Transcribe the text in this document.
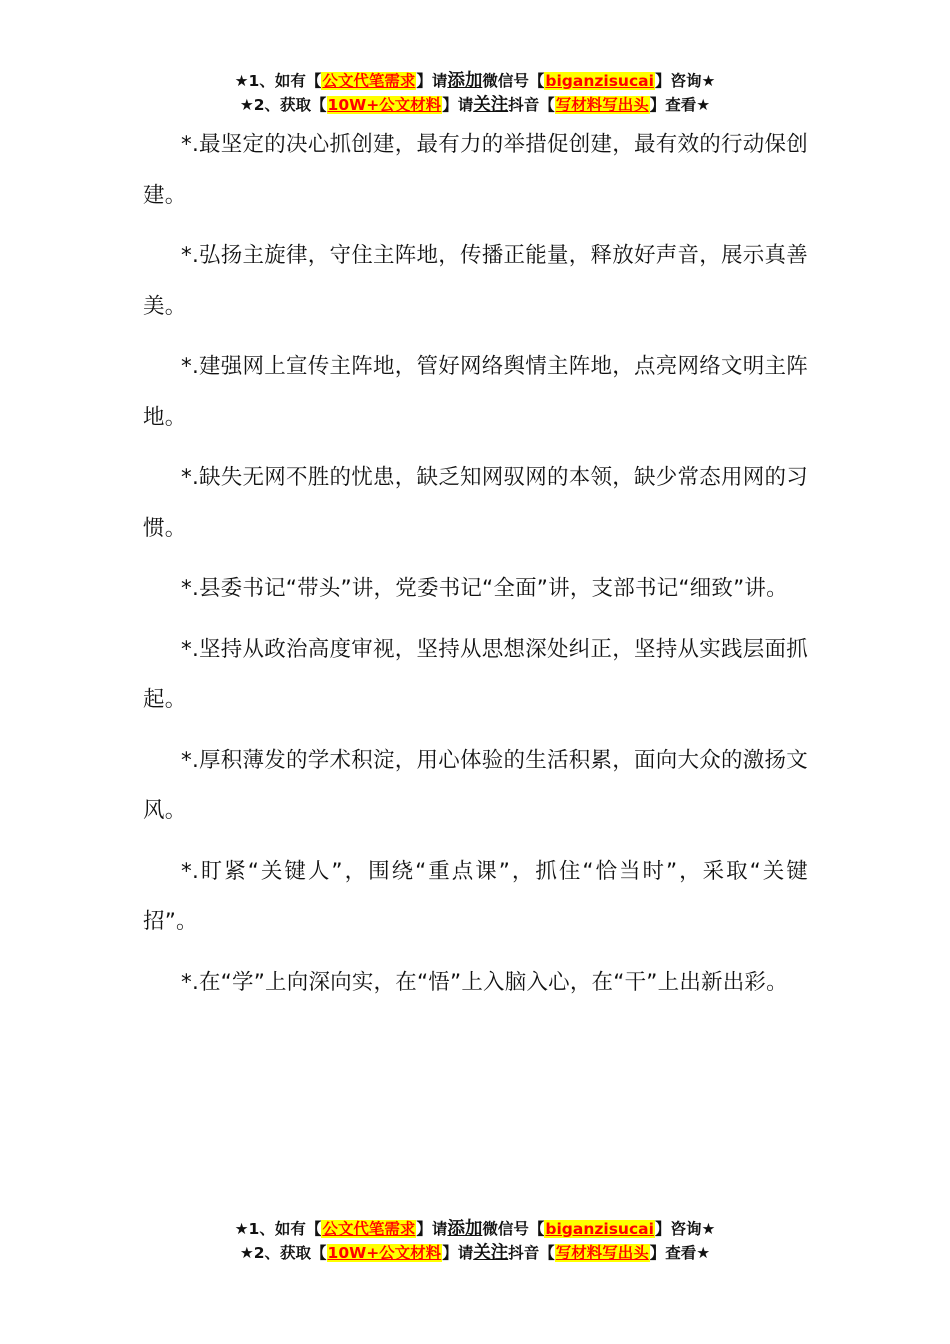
★1、如有【公文代笔需求】请添加微信号【biganzisucai】咨询★
★2、获取【10W+公文材料】请关注抖音【写材料写出头】查看★

*.最坚定的决心抓创建，最有力的举措促创建，最有效的行动保创建。

*.弘扬主旋律，守住主阵地，传播正能量，释放好声音，展示真善美。

*.建强网上宣传主阵地，管好网络舆情主阵地，点亮网络文明主阵地。

*.缺失无网不胜的忧患，缺乏知网驭网的本领，缺少常态用网的习惯。

*.县委书记“带头”讲，党委书记“全面”讲，支部书记“细致”讲。

*.坚持从政治高度审视，坚持从思想深处纠正，坚持从实践层面抓起。

*.厚积薄发的学术积淀，用心体验的生活积累，面向大众的激扬文风。

*.盯紧“关键人”，围绕“重点课”，抓住“恰当时”，采取“关键招”。

*.在“学”上向深向实，在“悟”上入脑入心，在“干”上出新出彩。

★1、如有【公文代笔需求】请添加微信号【biganzisucai】咨询★
★2、获取【10W+公文材料】请关注抖音【写材料写出头】查看★
